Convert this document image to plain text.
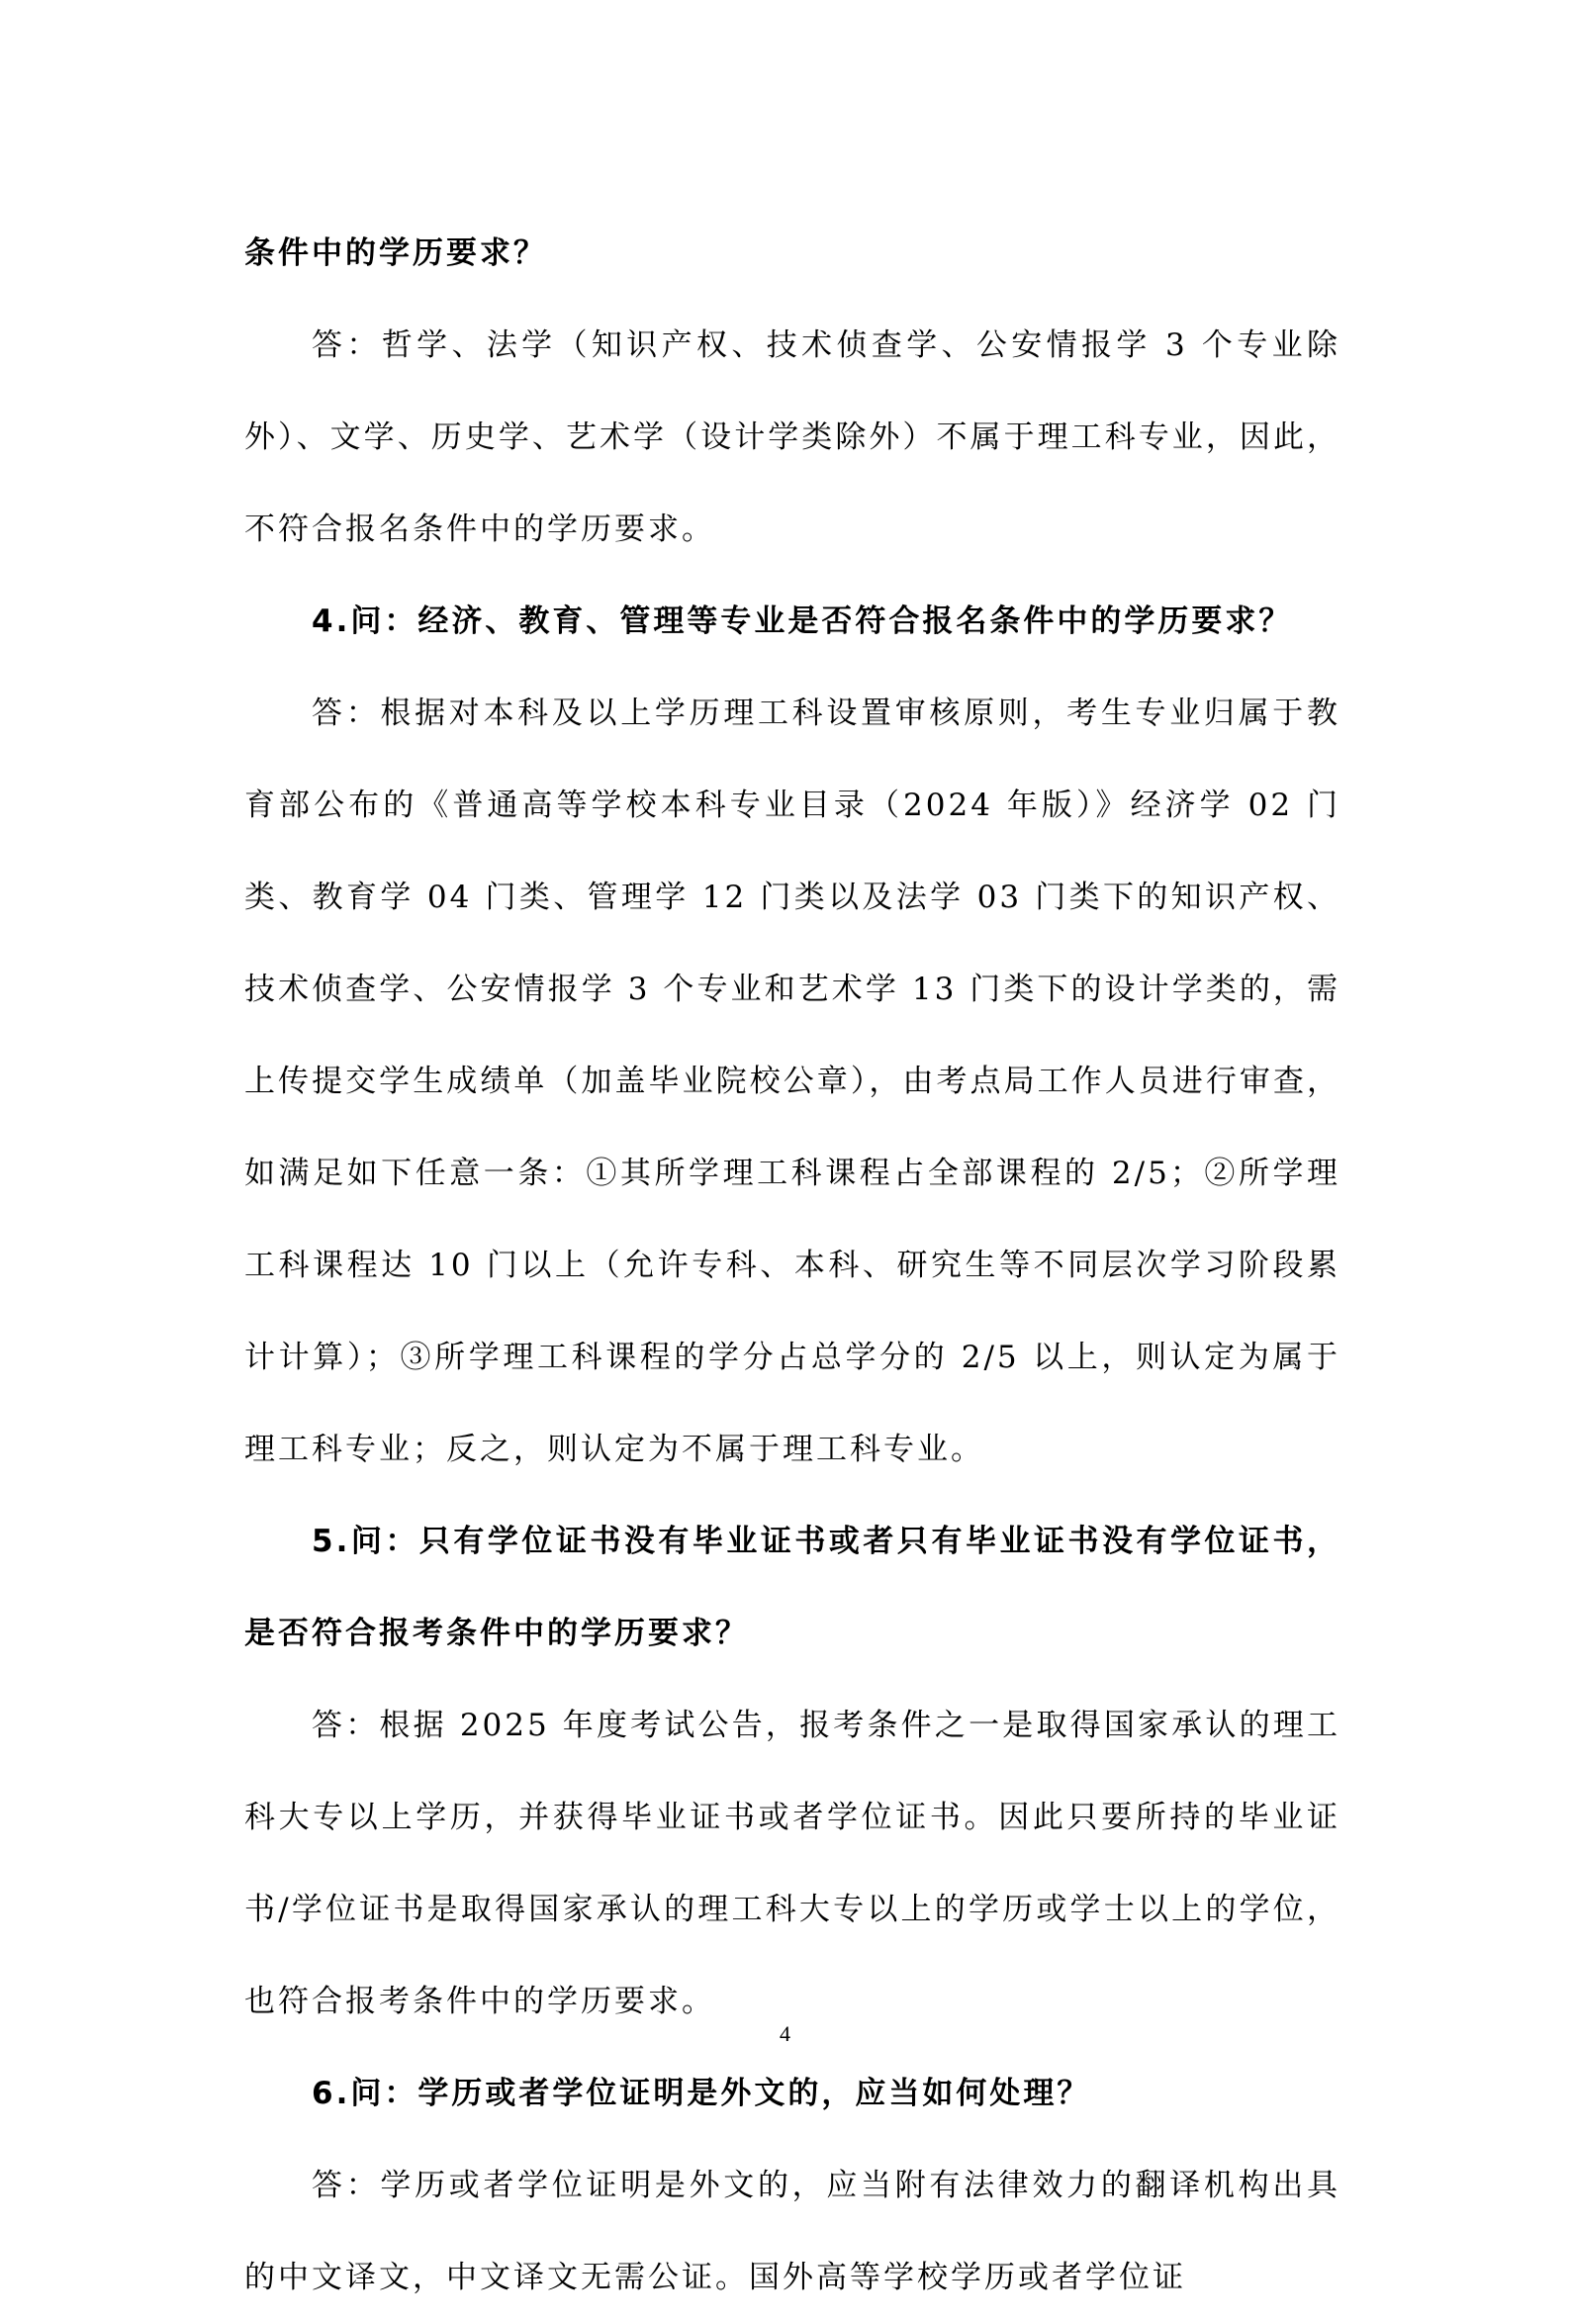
条件中的学历要求？

答：哲学、法学（知识产权、技术侦查学、公安情报学 3 个专业除外）、文学、历史学、艺术学（设计学类除外）不属于理工科专业，因此，不符合报名条件中的学历要求。

4.问：经济、教育、管理等专业是否符合报名条件中的学历要求？

答：根据对本科及以上学历理工科设置审核原则，考生专业归属于教育部公布的《普通高等学校本科专业目录（2024 年版）》经济学 02 门类、教育学 04 门类、管理学 12 门类以及法学 03 门类下的知识产权、技术侦查学、公安情报学 3 个专业和艺术学 13 门类下的设计学类的，需上传提交学生成绩单（加盖毕业院校公章），由考点局工作人员进行审查，如满足如下任意一条：①其所学理工科课程占全部课程的 2/5；②所学理工科课程达 10 门以上（允许专科、本科、研究生等不同层次学习阶段累计计算）；③所学理工科课程的学分占总学分的 2/5 以上，则认定为属于理工科专业；反之，则认定为不属于理工科专业。

5.问：只有学位证书没有毕业证书或者只有毕业证书没有学位证书，是否符合报考条件中的学历要求？

答：根据 2025 年度考试公告，报考条件之一是取得国家承认的理工科大专以上学历，并获得毕业证书或者学位证书。因此只要所持的毕业证书/学位证书是取得国家承认的理工科大专以上的学历或学士以上的学位，也符合报考条件中的学历要求。

6.问：学历或者学位证明是外文的，应当如何处理？

答：学历或者学位证明是外文的，应当附有法律效力的翻译机构出具的中文译文，中文译文无需公证。国外高等学校学历或者学位证

4
